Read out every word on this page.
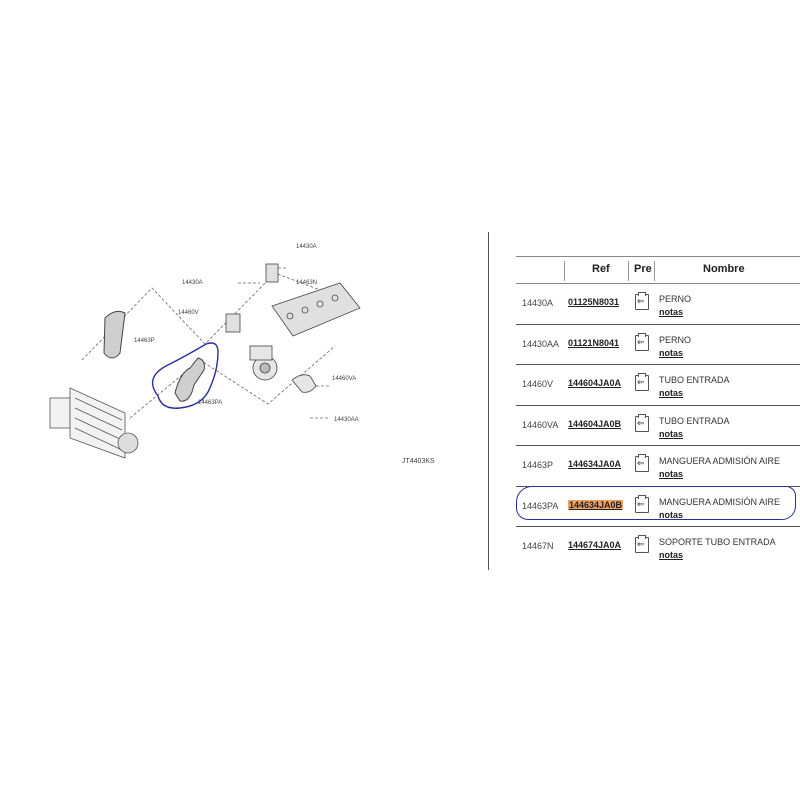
14430A
14463N
14430A
14460V
14463P
14463PA
14460VA
14430AA
JT4403KS
Ref Pre	Nombre
14430A 01125N8031 ⇐ PERNO
notas
14430AA 01121N8041 ⇐ PERNO
notas
14460V 144604JA0A ⇐ TUBO ENTRADA
notas
14460VA 144604JA0B ⇐ TUBO ENTRADA
notas
14463P 144634JA0A ⇐ MANGUERA ADMISIÓN AIRE
notas
14463PA 144634JA0B ⇐ MANGUERA ADMISIÓN AIRE
notas
14467N 144674JA0A ⇐ SOPORTE TUBO ENTRADA
notas
